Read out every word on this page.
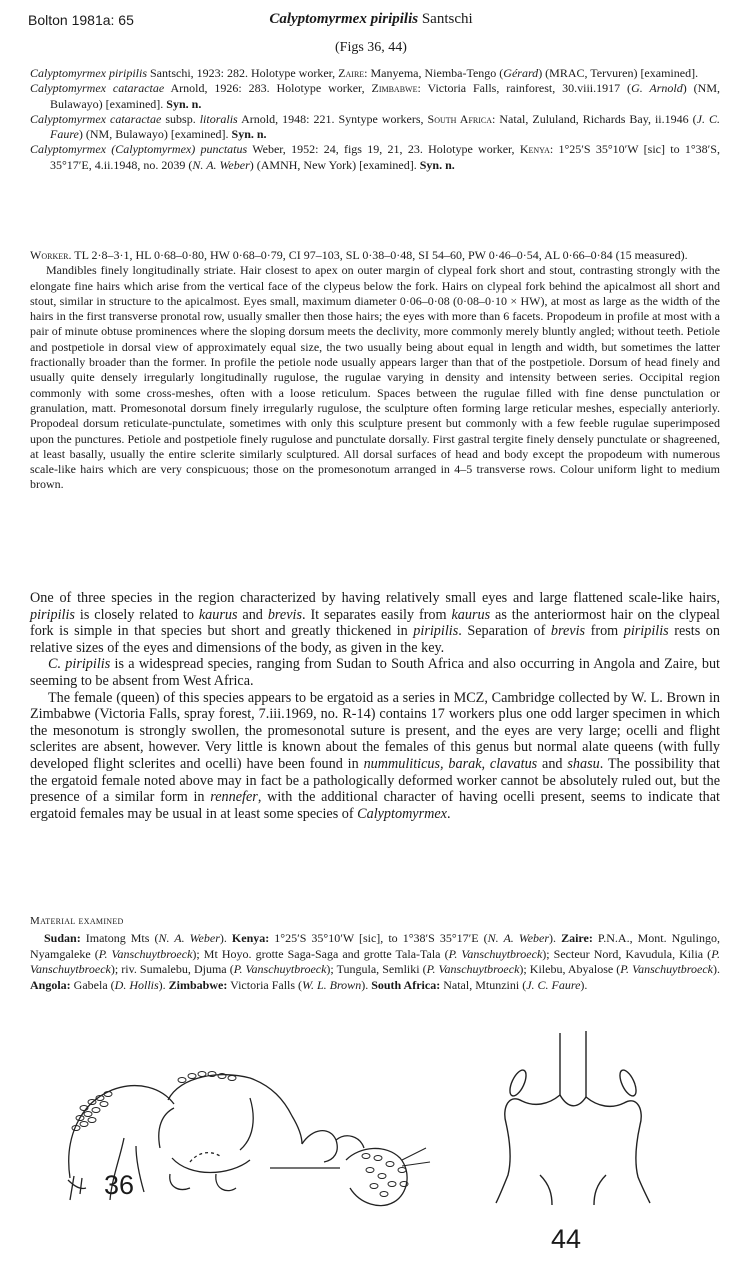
Bolton 1981a: 65	Calyptomyrmex piripilis Santschi
(Figs 36, 44)

Calyptomyrmex piripilis Santschi, 1923: 282. Holotype worker, Zaire: Manyema, Niemba-Tengo (Gérard) (MRAC, Tervuren) [examined].

Calyptomyrmex cataractae Arnold, 1926: 283. Holotype worker, Zimbabwe: Victoria Falls, rainforest, 30.viii.1917 (G. Arnold) (NM, Bulawayo) [examined]. Syn. n.

Calyptomyrmex cataractae subsp. litoralis Arnold, 1948: 221. Syntype workers, South Africa: Natal, Zululand, Richards Bay, ii.1946 (J. C. Faure) (NM, Bulawayo) [examined]. Syn. n.

Calyptomyrmex (Calyptomyrmex) punctatus Weber, 1952: 24, figs 19, 21, 23. Holotype worker, Kenya: 1°25′S 35°10′W [sic] to 1°38′S, 35°17′E, 4.ii.1948, no. 2039 (N. A. Weber) (AMNH, New York) [examined]. Syn. n.

Worker. TL 2·8–3·1, HL 0·68–0·80, HW 0·68–0·79, CI 97–103, SL 0·38–0·48, SI 54–60, PW 0·46–0·54, AL 0·66–0·84 (15 measured).

Mandibles finely longitudinally striate. Hair closest to apex on outer margin of clypeal fork short and stout, contrasting strongly with the elongate fine hairs which arise from the vertical face of the clypeus below the fork. Hairs on clypeal fork behind the apicalmost all short and stout, similar in structure to the apicalmost. Eyes small, maximum diameter 0·06–0·08 (0·08–0·10 × HW), at most as large as the width of the hairs in the first transverse pronotal row, usually smaller then those hairs; the eyes with more than 6 facets. Propodeum in profile at most with a pair of minute obtuse prominences where the sloping dorsum meets the declivity, more commonly merely bluntly angled; without teeth. Petiole and postpetiole in dorsal view of approximately equal size, the two usually being about equal in length and width, but sometimes the latter fractionally broader than the former. In profile the petiole node usually appears larger than that of the postpetiole. Dorsum of head finely and usually quite densely irregularly longitudinally rugulose, the rugulae varying in density and intensity between series. Occipital region commonly with some cross-meshes, often with a loose reticulum. Spaces between the rugulae filled with fine dense punctulation or granulation, matt. Promesonotal dorsum finely irregularly rugulose, the sculpture often forming large reticular meshes, especially anteriorly. Propodeal dorsum reticulate-punctulate, sometimes with only this sculpture present but commonly with a few feeble rugulae superimposed upon the punctures. Petiole and postpetiole finely rugulose and punctulate dorsally. First gastral tergite finely densely punctulate or shagreened, at least basally, usually the entire sclerite similarly sculptured. All dorsal surfaces of head and body except the propodeum with numerous scale-like hairs which are very conspicuous; those on the promesonotum arranged in 4–5 transverse rows. Colour uniform light to medium brown.

One of three species in the region characterized by having relatively small eyes and large flattened scale-like hairs, piripilis is closely related to kaurus and brevis. It separates easily from kaurus as the anteriormost hair on the clypeal fork is simple in that species but short and greatly thickened in piripilis. Separation of brevis from piripilis rests on relative sizes of the eyes and dimensions of the body, as given in the key.

C. piripilis is a widespread species, ranging from Sudan to South Africa and also occurring in Angola and Zaire, but seeming to be absent from West Africa.

The female (queen) of this species appears to be ergatoid as a series in MCZ, Cambridge collected by W. L. Brown in Zimbabwe (Victoria Falls, spray forest, 7.iii.1969, no. R-14) contains 17 workers plus one odd larger specimen in which the mesonotum is strongly swollen, the promesonotal suture is present, and the eyes are very large; ocelli and flight sclerites are absent, however. Very little is known about the females of this genus but normal alate queens (with fully developed flight sclerites and ocelli) have been found in nummuliticus, barak, clavatus and shasu. The possibility that the ergatoid female noted above may in fact be a pathologically deformed worker cannot be absolutely ruled out, but the presence of a similar form in rennefer, with the additional character of having ocelli present, seems to indicate that ergatoid females may be usual in at least some species of Calyptomyrmex.

Material examined
Sudan: Imatong Mts (N. A. Weber). Kenya: 1°25′S 35°10′W [sic], to 1°38′S 35°17′E (N. A. Weber). Zaire: P.N.A., Mont. Ngulingo, Nyamgaleke (P. Vanschuytbroeck); Mt Hoyo. grotte Saga-Saga and grotte Tala-Tala (P. Vanschuytbroeck); Secteur Nord, Kavudula, Kilia (P. Vanschuytbroeck); riv. Sumalebu, Djuma (P. Vanschuytbroeck); Tungula, Semliki (P. Vanschuytbroeck); Kilebu, Abyalose (P. Vanschuytbroeck). Angola: Gabela (D. Hollis). Zimbabwe: Victoria Falls (W. L. Brown). South Africa: Natal, Mtunzini (J. C. Faure).
36
44
